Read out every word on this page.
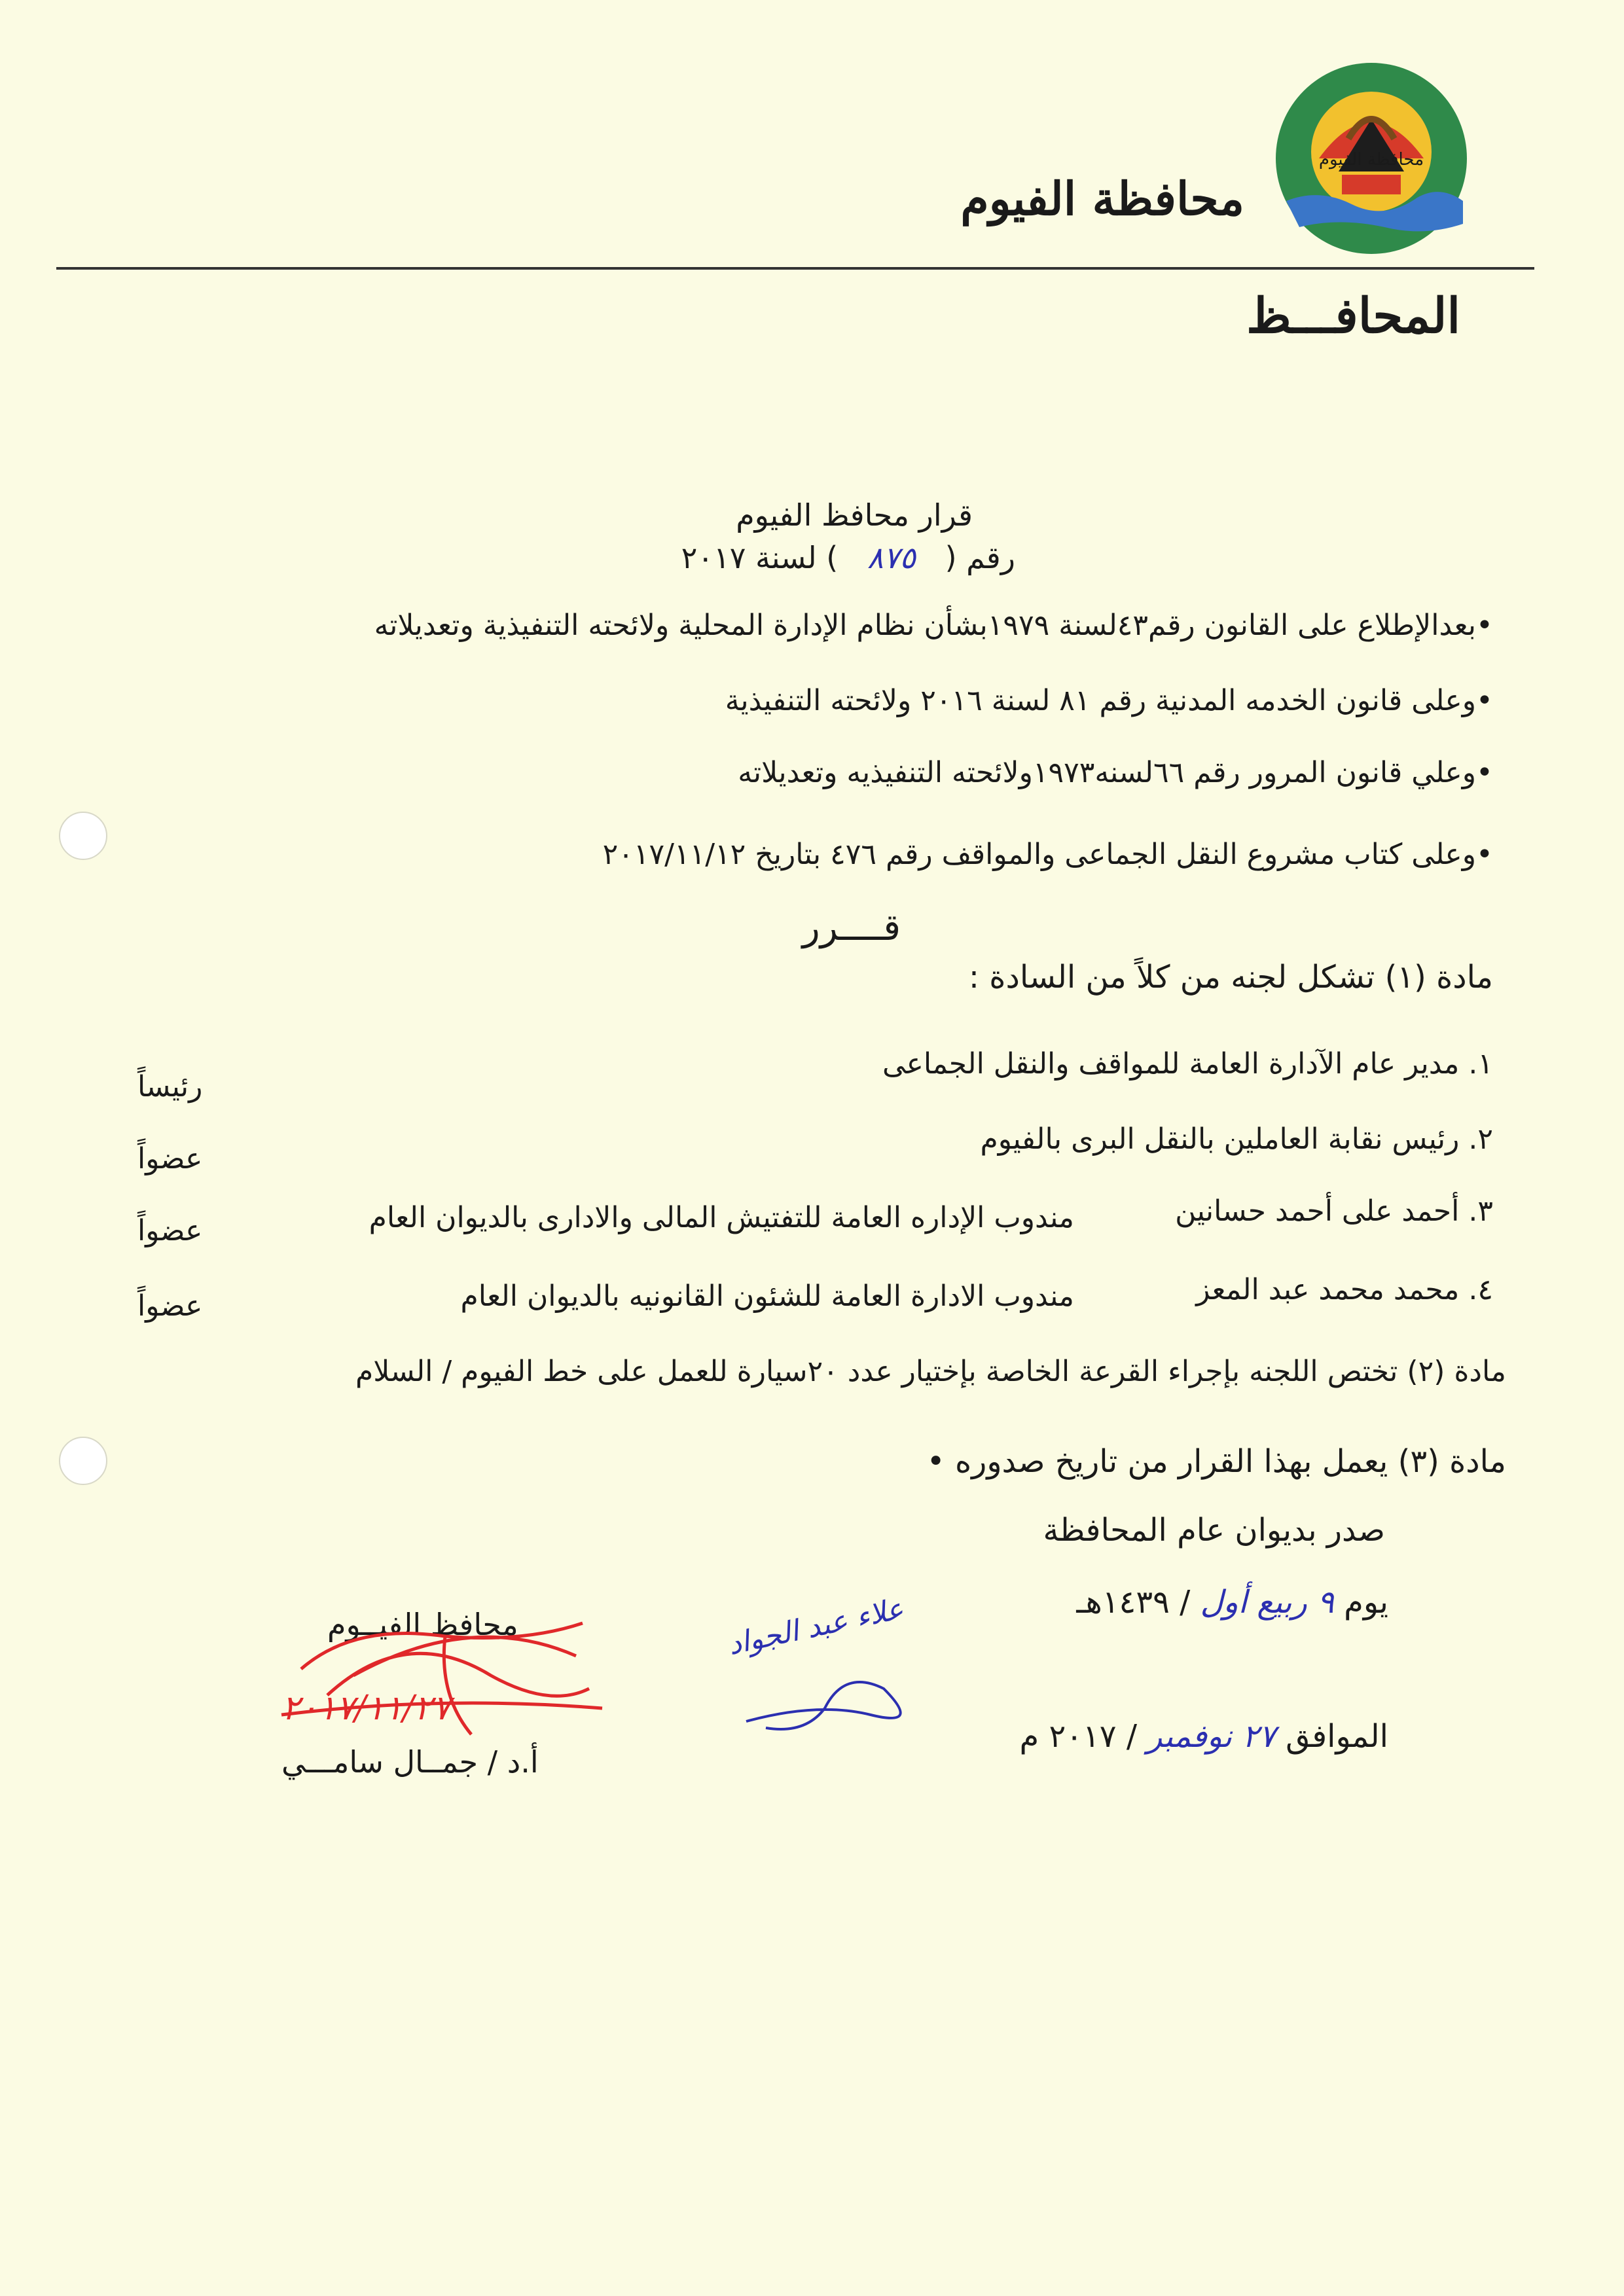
محافظة الفيوم
محافظة الفيوم
المحافـــظ
قرار محافظ الفيوم
رقم ( ٨٧٥ ) لسنة ٢٠١٧
•بعدالإطلاع على القانون رقم٤٣لسنة ١٩٧٩بشأن نظام الإدارة المحلية ولائحته التنفيذية وتعديلاته
•وعلى قانون الخدمه المدنية رقم ٨١ لسنة ٢٠١٦ ولائحته التنفيذية
•وعلي قانون المرور رقم ٦٦لسنه١٩٧٣ولائحته التنفيذيه وتعديلاته
•وعلى كتاب مشروع النقل الجماعى والمواقف رقم ٤٧٦ بتاريخ ٢٠١٧/١١/١٢
قــــرر
مادة (١) تشكل لجنه من كلاً من السادة :
١. مدير عام الآدارة العامة للمواقف والنقل الجماعى
رئيساً
٢. رئيس نقابة العاملين بالنقل البرى بالفيوم
عضواً
٣. أحمد على أحمد حسانين
مندوب الإداره العامة للتفتيش المالى والادارى بالديوان العام
عضواً
٤. محمد محمد عبد المعز
مندوب الادارة العامة للشئون القانونيه بالديوان العام
عضواً
مادة (٢) تختص اللجنه بإجراء القرعة الخاصة بإختيار عدد ٢٠سيارة للعمل على خط الفيوم / السلام
مادة (٣) يعمل بهذا القرار من تاريخ صدوره •
صدر بديوان عام المحافظة
يوم ٩ ربيع أول / ١٤٣٩هـ
الموافق ٢٧ نوفمبر / ٢٠١٧ م
محافظ الفيــوم
أ.د / جمــال سامـــي
٢٠١٧/١١/٢٧
علاء عبد الجواد
